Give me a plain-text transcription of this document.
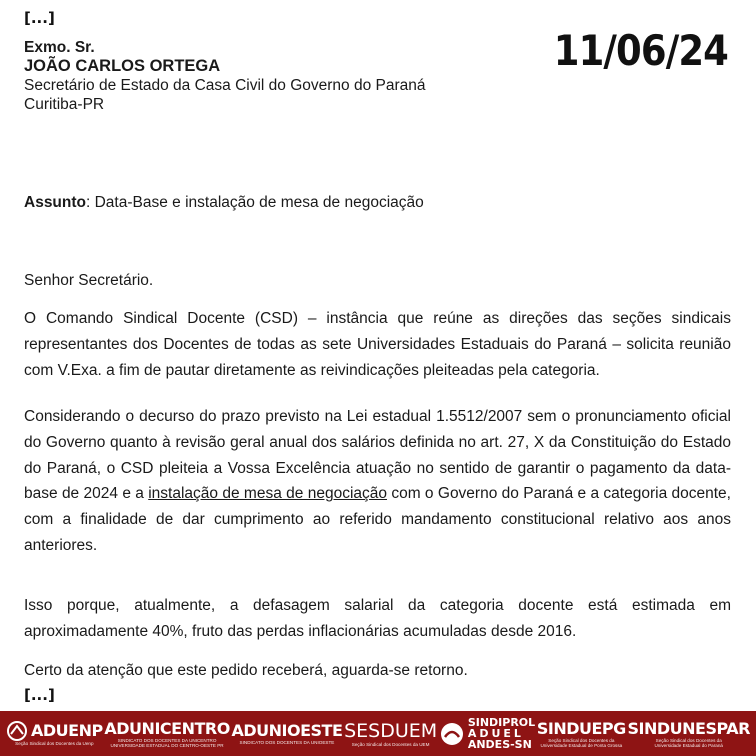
[...]
11/06/24
Exmo. Sr.
JOÃO CARLOS ORTEGA
Secretário de Estado da Casa Civil do Governo do Paraná
Curitiba-PR
Assunto: Data-Base e instalação de mesa de negociação
Senhor Secretário.
O Comando Sindical Docente (CSD) – instância que reúne as direções das seções sindicais representantes dos Docentes de todas as sete Universidades Estaduais do Paraná – solicita reunião com V.Exa. a fim de pautar diretamente as reivindicações pleiteadas pela categoria.
Considerando o decurso do prazo previsto na Lei estadual 1.5512/2007 sem o pronunciamento oficial do Governo quanto à revisão geral anual dos salários definida no art. 27, X da Constituição do Estado do Paraná, o CSD pleiteia a Vossa Excelência atuação no sentido de garantir o pagamento da data-base de 2024 e a instalação de mesa de negociação com o Governo do Paraná e a categoria docente, com a finalidade de dar cumprimento ao referido mandamento constitucional relativo aos anos anteriores.
Isso porque, atualmente, a defasagem salarial da categoria docente está estimada em aproximadamente 40%, fruto das perdas inflacionárias acumuladas desde 2016.
Certo da atenção que este pedido receberá, aguarda-se retorno.
[...]
ADUENP
Seção Sindical dos Docentes da Uenp
ADUNICENTRO
SINDICATO DOS DOCENTES DA UNICENTRO
UNIVERSIDADE ESTADUAL DO CENTRO-OESTE PR
ADUNIOESTE
SINDICATO DOS DOCENTES DA UNIOESTE
SESDUEM
Seção Sindical dos Docentes da UEM
SINDIPROL
ADUEL
ANDES-SN
SINDUEPG
Seção Sindical dos Docentes da
Universidade Estadual de Ponta Grossa
SINDUNESPAR
Seção Sindical dos Docentes da
Universidade Estadual do Paraná
